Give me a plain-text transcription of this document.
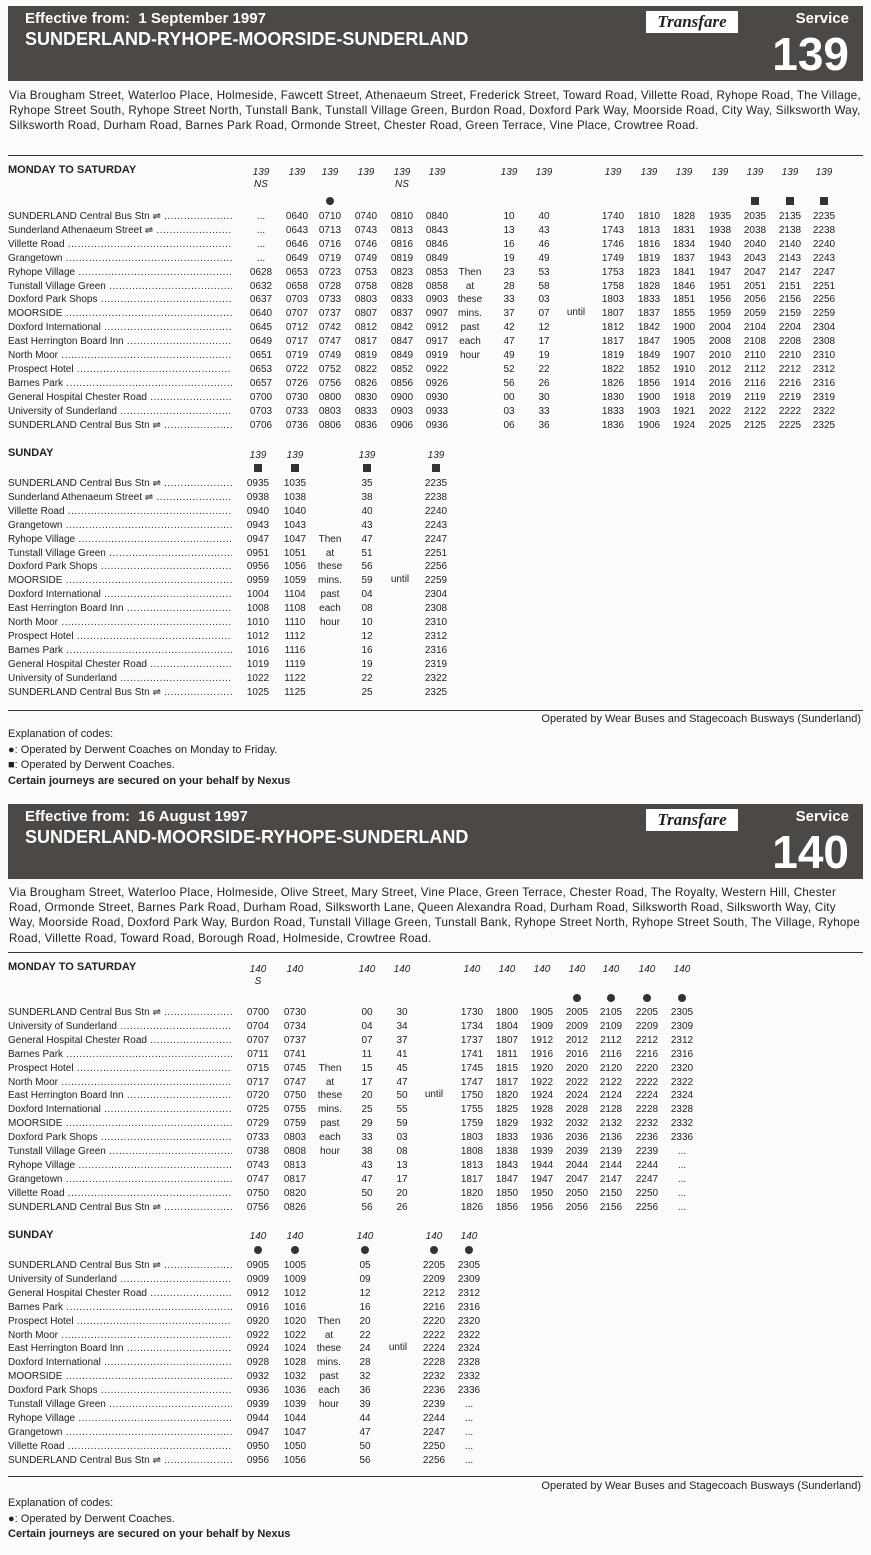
Effective from:  1 September 1997
SUNDERLAND-RYHOPE-MOORSIDE-SUNDERLAND
Transfare	Service
139
Via Brougham Street, Waterloo Place, Holmeside, Fawcett Street, Athenaeum Street, Frederick Street, Toward Road, Villette Road, Ryhope Road, The Village, Ryhope Street South, Ryhope Street North, Tunstall Bank, Tunstall Village Green, Burdon Road, Doxford Park Way, Moorside Road, City Way, Silksworth Way, Silksworth Road, Durham Road, Barnes Park Road, Ormonde Street, Chester Road, Green Terrace, Vine Place, Crowtree Road.
MONDAY TO SATURDAY
SUNDERLAND Central Bus Stn ⇌ .....
Sunderland Athenaeum Street ⇌ .....
Villette Road .....
Grangetown .....
Ryhope Village .....
Tunstall Village Green .....
Doxford Park Shops .....
MOORSIDE .....
Doxford International .....
East Herrington Board Inn .....
North Moor .....
Prospect Hotel .....
Barnes Park .....
General Hospital Chester Road .....
University of Sunderland .....
SUNDERLAND Central Bus Stn ⇌ .....
139
NS
...
...
...
...
0628
0632
0637
0640
0645
0649
0651
0653
0657
0700
0703
0706
139
0640
0643
0646
0649
0653
0658
0703
0707
0712
0717
0719
0722
0726
0730
0733
0736
139
0710
0713
0716
0719
0723
0728
0733
0737
0742
0747
0749
0752
0756
0800
0803
0806
139
0740
0743
0746
0749
0753
0758
0803
0807
0812
0817
0819
0822
0826
0830
0833
0836
139
NS
0810
0813
0816
0819
0823
0828
0833
0837
0842
0847
0849
0852
0856
0900
0903
0906
139
0840
0843
0846
0849
0853
0858
0903
0907
0912
0917
0919
0922
0926
0930
0933
0936
139
10
13
16
19
23
28
33
37
42
47
49
52
56
00
03
06
139
40
43
46
49
53
58
03
07
12
17
19
22
26
30
33
36
139
1740
1743
1746
1749
1753
1758
1803
1807
1812
1817
1819
1822
1826
1830
1833
1836
139
1810
1813
1816
1819
1823
1828
1833
1837
1842
1847
1849
1852
1856
1900
1903
1906
139
1828
1831
1834
1837
1841
1846
1851
1855
1900
1905
1907
1910
1914
1918
1921
1924
139
1935
1938
1940
1943
1947
1951
1956
1959
2004
2008
2010
2012
2016
2019
2022
2025
139
2035
2038
2040
2043
2047
2051
2056
2059
2104
2108
2110
2112
2116
2119
2122
2125
139
2135
2138
2140
2143
2147
2151
2156
2159
2204
2208
2210
2212
2216
2219
2222
2225
139
2235
2238
2240
2243
2247
2251
2256
2259
2304
2308
2310
2312
2316
2319
2322
2325
Then
at
these
mins.
past
each
hour
until
SUNDAY
SUNDERLAND Central Bus Stn ⇌ .....
Sunderland Athenaeum Street ⇌ .....
Villette Road .....
Grangetown .....
Ryhope Village .....
Tunstall Village Green .....
Doxford Park Shops .....
MOORSIDE .....
Doxford International .....
East Herrington Board Inn .....
North Moor .....
Prospect Hotel .....
Barnes Park .....
General Hospital Chester Road .....
University of Sunderland .....
SUNDERLAND Central Bus Stn ⇌ .....
139
0935
0938
0940
0943
0947
0951
0956
0959
1004
1008
1010
1012
1016
1019
1022
1025
139
1035
1038
1040
1043
1047
1051
1056
1059
1104
1108
1110
1112
1116
1119
1122
1125
139
35
38
40
43
47
51
56
59
04
08
10
12
16
19
22
25
139
2235
2238
2240
2243
2247
2251
2256
2259
2304
2308
2310
2312
2316
2319
2322
2325
Then
at
these
mins.
past
each
hour
until
Operated by Wear Buses and Stagecoach Busways (Sunderland)
Explanation of codes:
●: Operated by Derwent Coaches on Monday to Friday.
■: Operated by Derwent Coaches.
Certain journeys are secured on your behalf by Nexus
Effective from:  16 August 1997
SUNDERLAND-MOORSIDE-RYHOPE-SUNDERLAND
Transfare	Service
140
Via Brougham Street, Waterloo Place, Holmeside, Olive Street, Mary Street, Vine Place, Green Terrace, Chester Road, The Royalty, Western Hill, Chester Road, Ormonde Street, Barnes Park Road, Durham Road, Silksworth Lane, Queen Alexandra Road, Durham Road, Silksworth Road, Silksworth Way, City Way, Moorside Road, Doxford Park Way, Burdon Road, Tunstall Village Green, Tunstall Bank, Ryhope Street North, Ryhope Street South, The Village, Ryhope Road, Villette Road, Toward Road, Borough Road, Holmeside, Crowtree Road.
MONDAY TO SATURDAY
SUNDERLAND Central Bus Stn ⇌ .....
University of Sunderland .....
General Hospital Chester Road .....
Barnes Park .....
Prospect Hotel .....
North Moor .....
East Herrington Board Inn .....
Doxford International .....
MOORSIDE .....
Doxford Park Shops .....
Tunstall Village Green .....
Ryhope Village .....
Grangetown .....
Villette Road .....
SUNDERLAND Central Bus Stn ⇌ .....
140
S
0700
0704
0707
0711
0715
0717
0720
0725
0729
0733
0738
0743
0747
0750
0756
140
0730
0734
0737
0741
0745
0747
0750
0755
0759
0803
0808
0813
0817
0820
0826
140
00
04
07
11
15
17
20
25
29
33
38
43
47
50
56
140
30
34
37
41
45
47
50
55
59
03
08
13
17
20
26
140
1730
1734
1737
1741
1745
1747
1750
1755
1759
1803
1808
1813
1817
1820
1826
140
1800
1804
1807
1811
1815
1817
1820
1825
1829
1833
1838
1843
1847
1850
1856
140
1905
1909
1912
1916
1920
1922
1924
1928
1932
1936
1939
1944
1947
1950
1956
140
2005
2009
2012
2016
2020
2022
2024
2028
2032
2036
2039
2044
2047
2050
2056
140
2105
2109
2112
2116
2120
2122
2124
2128
2132
2136
2139
2144
2147
2150
2156
140
2205
2209
2212
2216
2220
2222
2224
2228
2232
2236
2239
2244
2247
2250
2256
140
2305
2309
2312
2316
2320
2322
2324
2328
2332
2336
...
...
...
...
...
Then
at
these
mins.
past
each
hour
until
SUNDAY
SUNDERLAND Central Bus Stn ⇌ .....
University of Sunderland .....
General Hospital Chester Road .....
Barnes Park .....
Prospect Hotel .....
North Moor .....
East Herrington Board Inn .....
Doxford International .....
MOORSIDE .....
Doxford Park Shops .....
Tunstall Village Green .....
Ryhope Village .....
Grangetown .....
Villette Road .....
SUNDERLAND Central Bus Stn ⇌ .....
140
0905
0909
0912
0916
0920
0922
0924
0928
0932
0936
0939
0944
0947
0950
0956
140
1005
1009
1012
1016
1020
1022
1024
1028
1032
1036
1039
1044
1047
1050
1056
140
05
09
12
16
20
22
24
28
32
36
39
44
47
50
56
140
2205
2209
2212
2216
2220
2222
2224
2228
2232
2236
2239
2244
2247
2250
2256
140
2305
2309
2312
2316
2320
2322
2324
2328
2332
2336
...
...
...
...
...
Then
at
these
mins.
past
each
hour
until
Operated by Wear Buses and Stagecoach Busways (Sunderland)
Explanation of codes:
●: Operated by Derwent Coaches.
Certain journeys are secured on your behalf by Nexus
